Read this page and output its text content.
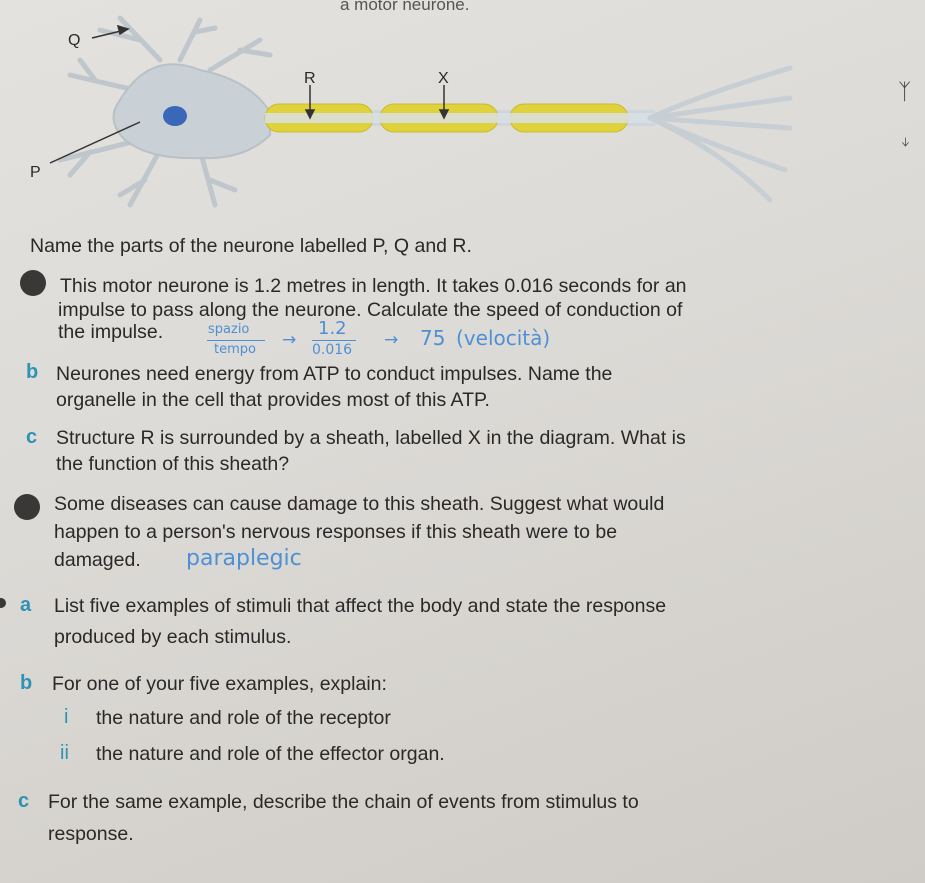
a motor neurone.
Q
P
R	X
ᛉ
ᛎ
Name the parts of the neurone labelled P, Q and R.
This motor neurone is 1.2 metres in length. It takes 0.016 seconds for an
impulse to pass along the neurone. Calculate the speed of conduction of
the impulse.	spazio
tempo →
1.2
0.016 → 75 (velocità)
b Neurones need energy from ATP to conduct impulses. Name the
organelle in the cell that provides most of this ATP.
c Structure R is surrounded by a sheath, labelled X in the diagram. What is
the function of this sheath?
Some diseases can cause damage to this sheath. Suggest what would
happen to a person's nervous responses if this sheath were to be
damaged. paraplegic
a List five examples of stimuli that affect the body and state the response
produced by each stimulus.
b For one of your five examples, explain:
i the nature and role of the receptor
ii the nature and role of the effector organ.
c For the same example, describe the chain of events from stimulus to
response.
